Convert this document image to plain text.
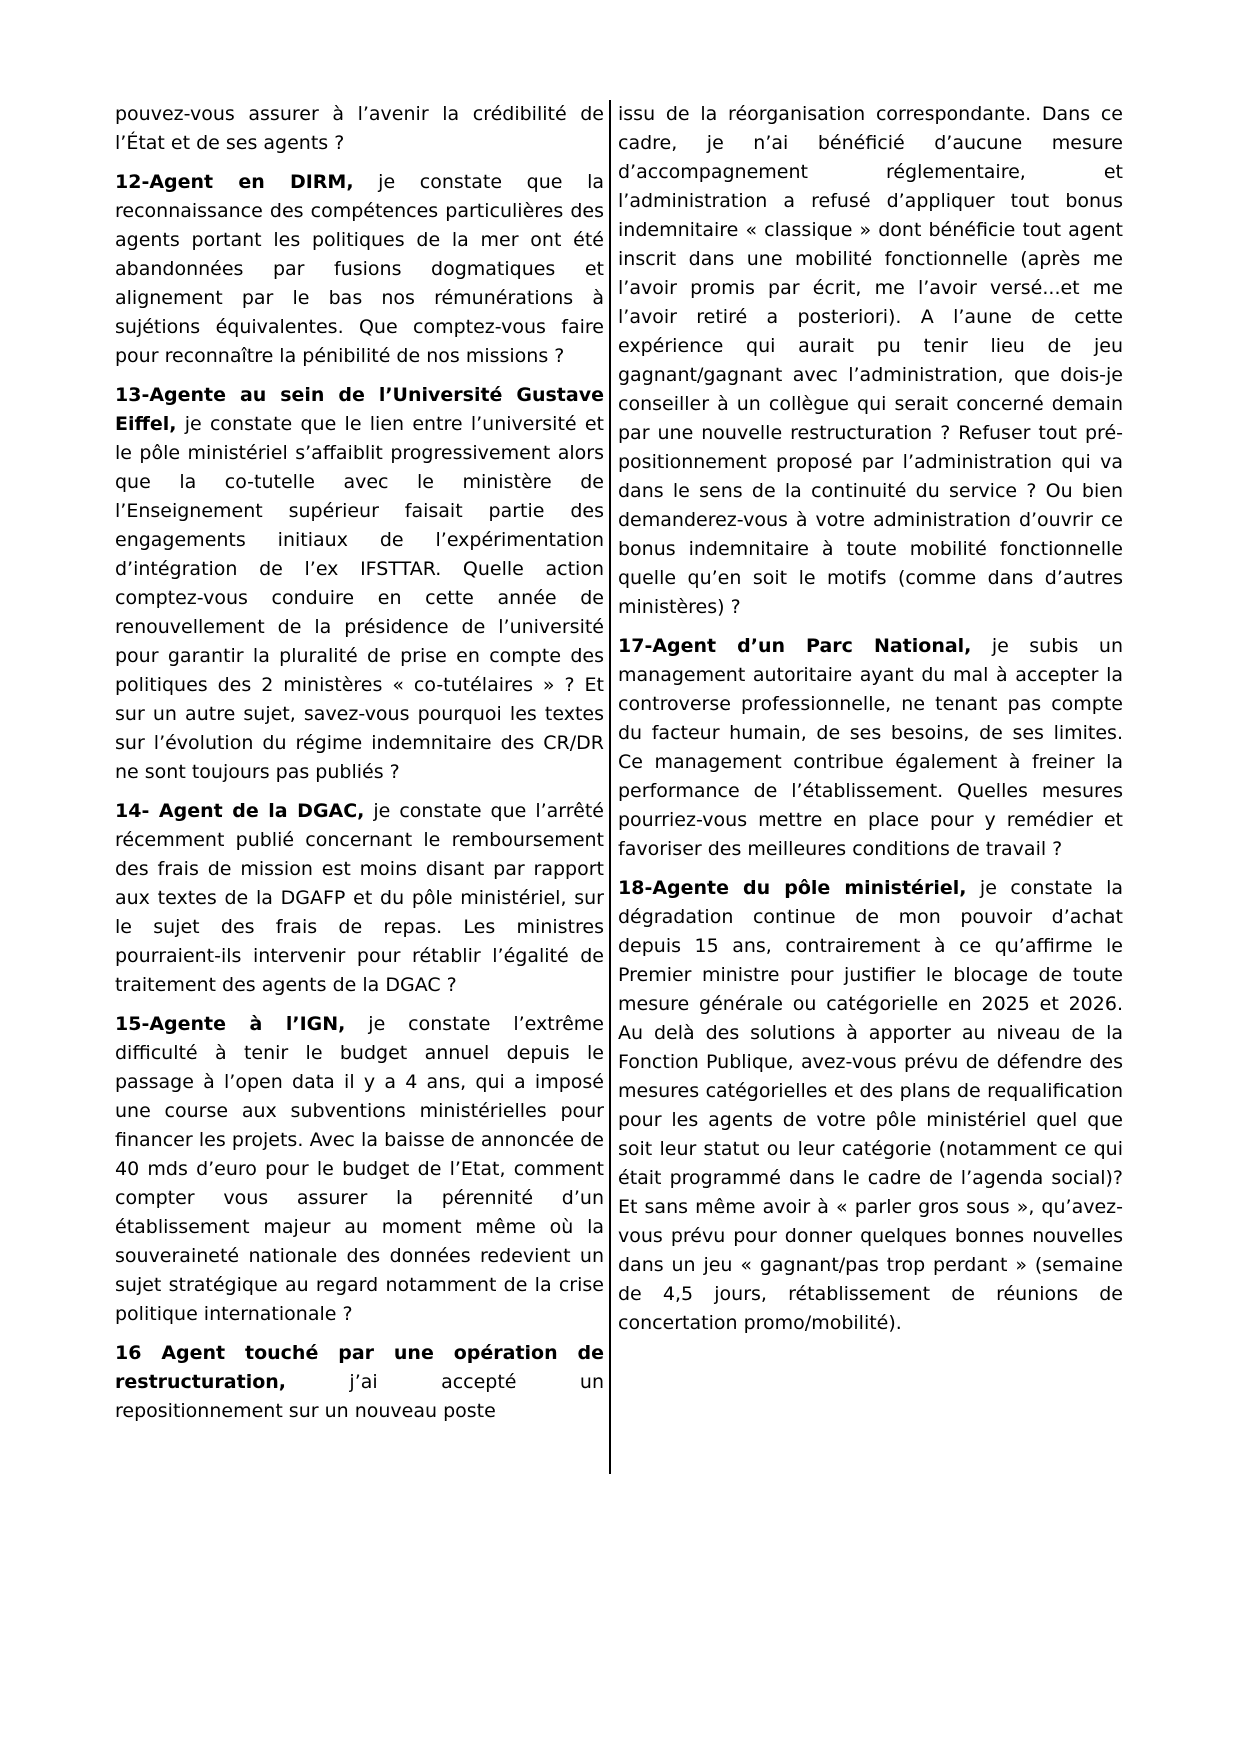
pouvez-vous assurer à l’avenir la crédibilité de l’État et de ses agents ?

12-Agent en DIRM, je constate que la reconnaissance des compétences particulières des agents portant les politiques de la mer ont été abandonnées par fusions dogmatiques et alignement par le bas nos rémunérations à sujétions équivalentes. Que comptez-vous faire pour reconnaître la pénibilité de nos missions ?

13-Agente au sein de l’Université Gustave Eiffel, je constate que le lien entre l’université et le pôle ministériel s’affaiblit progressivement alors que la co-tutelle avec le ministère de l’Enseignement supérieur faisait partie des engagements initiaux de l’expérimentation d’intégration de l’ex IFSTTAR. Quelle action comptez-vous conduire en cette année de renouvellement de la présidence de l’université pour garantir la pluralité de prise en compte des politiques des 2 ministères « co-tutélaires » ? Et sur un autre sujet, savez-vous pourquoi les textes sur l’évolution du régime indemnitaire des CR/DR ne sont toujours pas publiés ?

14- Agent de la DGAC, je constate que l’arrêté récemment publié concernant le remboursement des frais de mission est moins disant par rapport aux textes de la DGAFP et du pôle ministériel, sur le sujet des frais de repas. Les ministres pourraient-ils intervenir pour rétablir l’égalité de traitement des agents de la DGAC ?

15-Agente à l’IGN, je constate l’extrême difficulté à tenir le budget annuel depuis le passage à l’open data il y a 4 ans, qui a imposé une course aux subventions ministérielles pour financer les projets. Avec la baisse de annoncée de 40 mds d’euro pour le budget de l’Etat, comment compter vous assurer la pérennité d’un établissement majeur au moment même où la souveraineté nationale des données redevient un sujet stratégique au regard notamment de la crise politique internationale ?

16 Agent touché par une opération de restructuration, j’ai accepté un repositionnement sur un nouveau poste

issu de la réorganisation correspondante. Dans ce cadre, je n’ai bénéficié d’aucune mesure d’accompagnement réglementaire, et l’administration a refusé d’appliquer tout bonus indemnitaire « classique » dont bénéficie tout agent inscrit dans une mobilité fonctionnelle (après me l’avoir promis par écrit, me l’avoir versé...et me l’avoir retiré a posteriori). A l’aune de cette expérience qui aurait pu tenir lieu de jeu gagnant/gagnant avec l’administration, que dois-je conseiller à un collègue qui serait concerné demain par une nouvelle restructuration ? Refuser tout pré-positionnement proposé par l’administration qui va dans le sens de la continuité du service ? Ou bien demanderez-vous à votre administration d’ouvrir ce bonus indemnitaire à toute mobilité fonctionnelle quelle qu’en soit le motifs (comme dans d’autres ministères) ?

17-Agent d’un Parc National, je subis un management autoritaire ayant du mal à accepter la controverse professionnelle, ne tenant pas compte du facteur humain, de ses besoins, de ses limites. Ce management contribue également à freiner la performance de l’établissement. Quelles mesures pourriez-vous mettre en place pour y remédier et favoriser des meilleures conditions de travail ?

18-Agente du pôle ministériel, je constate la dégradation continue de mon pouvoir d’achat depuis 15 ans, contrairement à ce qu’affirme le Premier ministre pour justifier le blocage de toute mesure générale ou catégorielle en 2025 et 2026. Au delà des solutions à apporter au niveau de la Fonction Publique, avez-vous prévu de défendre des mesures catégorielles et des plans de requalification pour les agents de votre pôle ministériel quel que soit leur statut ou leur catégorie (notamment ce qui était programmé dans le cadre de l’agenda social)? Et sans même avoir à « parler gros sous », qu’avez-vous prévu pour donner quelques bonnes nouvelles dans un jeu « gagnant/pas trop perdant » (semaine de 4,5 jours, rétablissement de réunions de concertation promo/mobilité).
